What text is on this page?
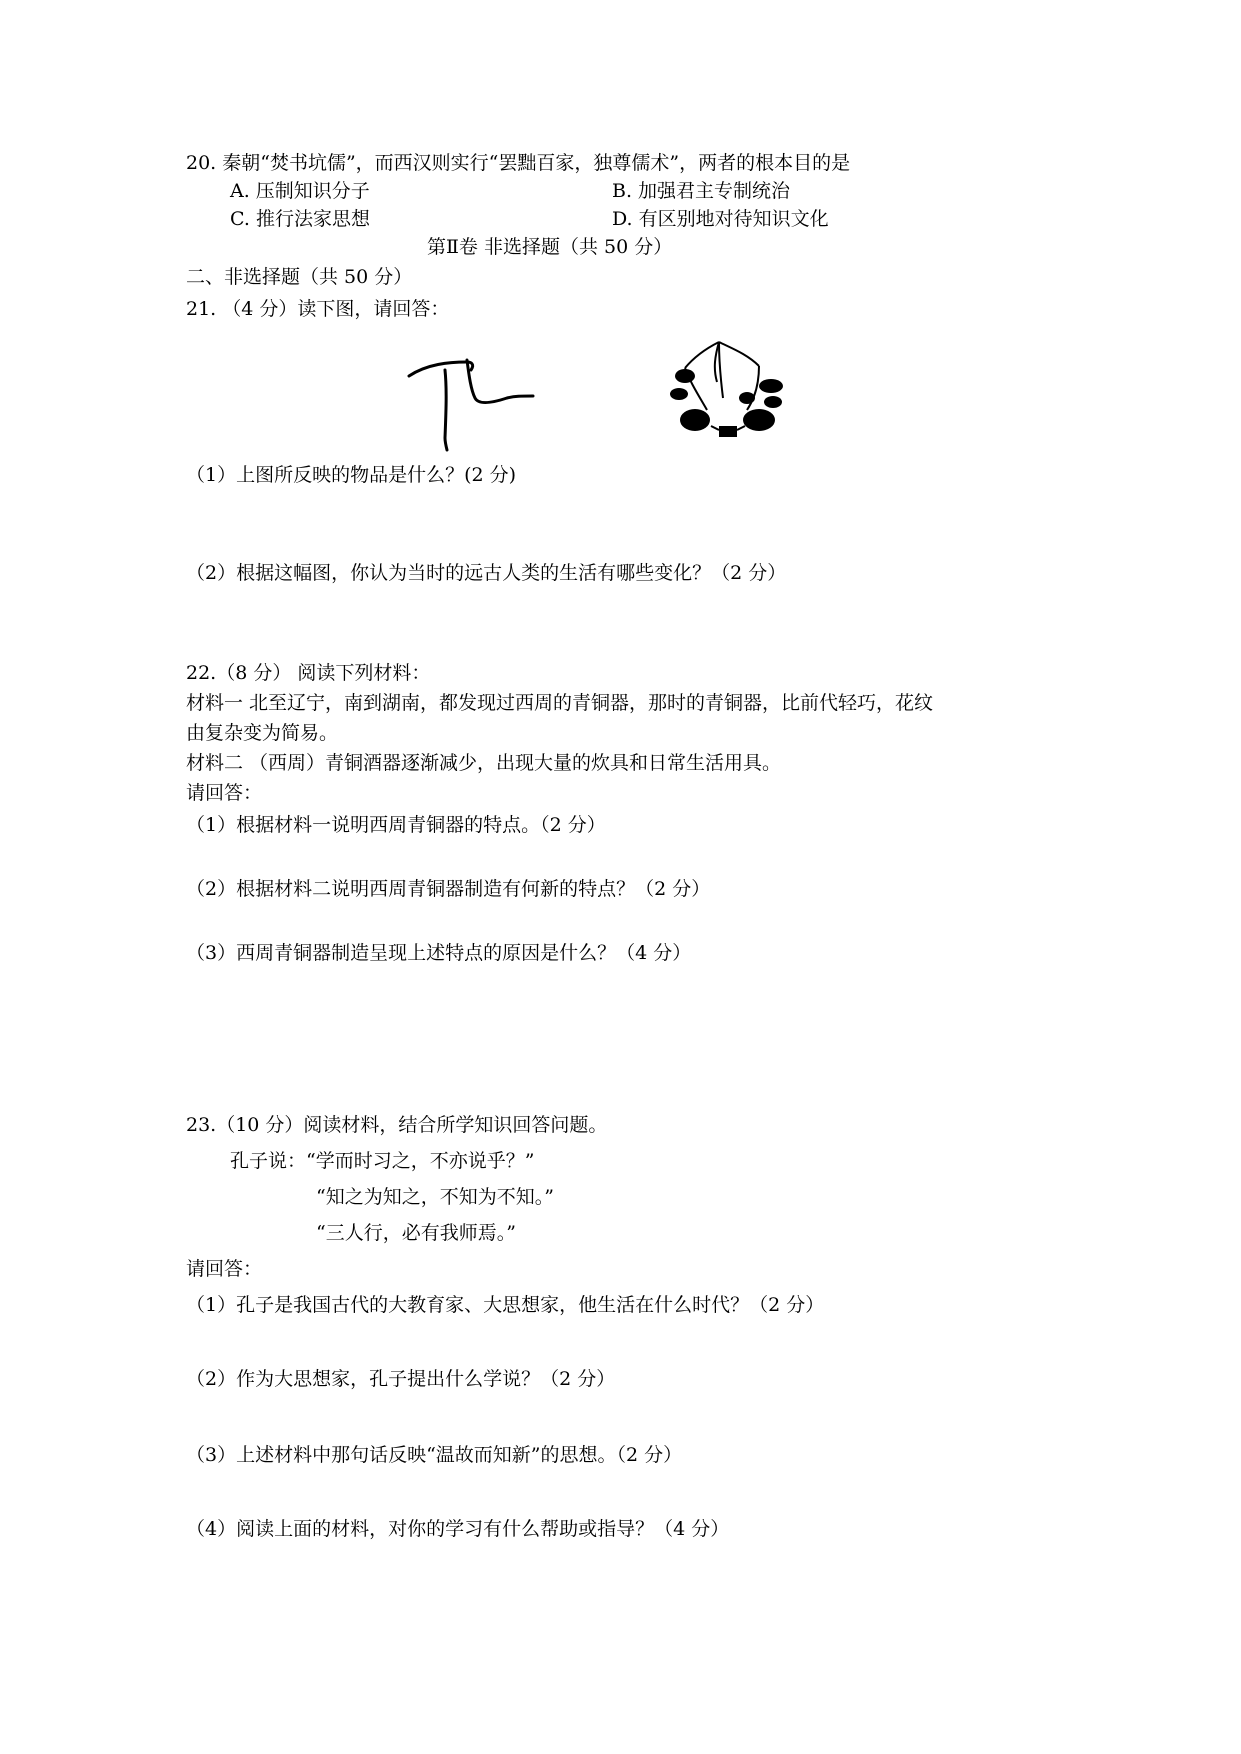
20. 秦朝“焚书坑儒”，而西汉则实行“罢黜百家，独尊儒术”，两者的根本目的是
A. 压制知识分子	B. 加强君主专制统治
C. 推行法家思想	D. 有区别地对待知识文化
第Ⅱ卷 非选择题（共 50 分）
二、非选择题（共 50 分）
21. （4 分）读下图，请回答：
（1）上图所反映的物品是什么？(2 分)
（2）根据这幅图，你认为当时的远古人类的生活有哪些变化？（2 分）
22.（8 分） 阅读下列材料：
材料一 北至辽宁，南到湖南，都发现过西周的青铜器，那时的青铜器，比前代轻巧，花纹
由复杂变为简易。
材料二 （西周）青铜酒器逐渐减少，出现大量的炊具和日常生活用具。
请回答：
（1）根据材料一说明西周青铜器的特点。（2 分）
（2）根据材料二说明西周青铜器制造有何新的特点？（2 分）
（3）西周青铜器制造呈现上述特点的原因是什么？（4 分）
23.（10 分）阅读材料，结合所学知识回答问题。
孔子说：“学而时习之，不亦说乎？”
“知之为知之，不知为不知。”
“三人行，必有我师焉。”
请回答：
（1）孔子是我国古代的大教育家、大思想家，他生活在什么时代？（2 分）
（2）作为大思想家，孔子提出什么学说？（2 分）
（3）上述材料中那句话反映“温故而知新”的思想。（2 分）
（4）阅读上面的材料，对你的学习有什么帮助或指导？（4 分）
